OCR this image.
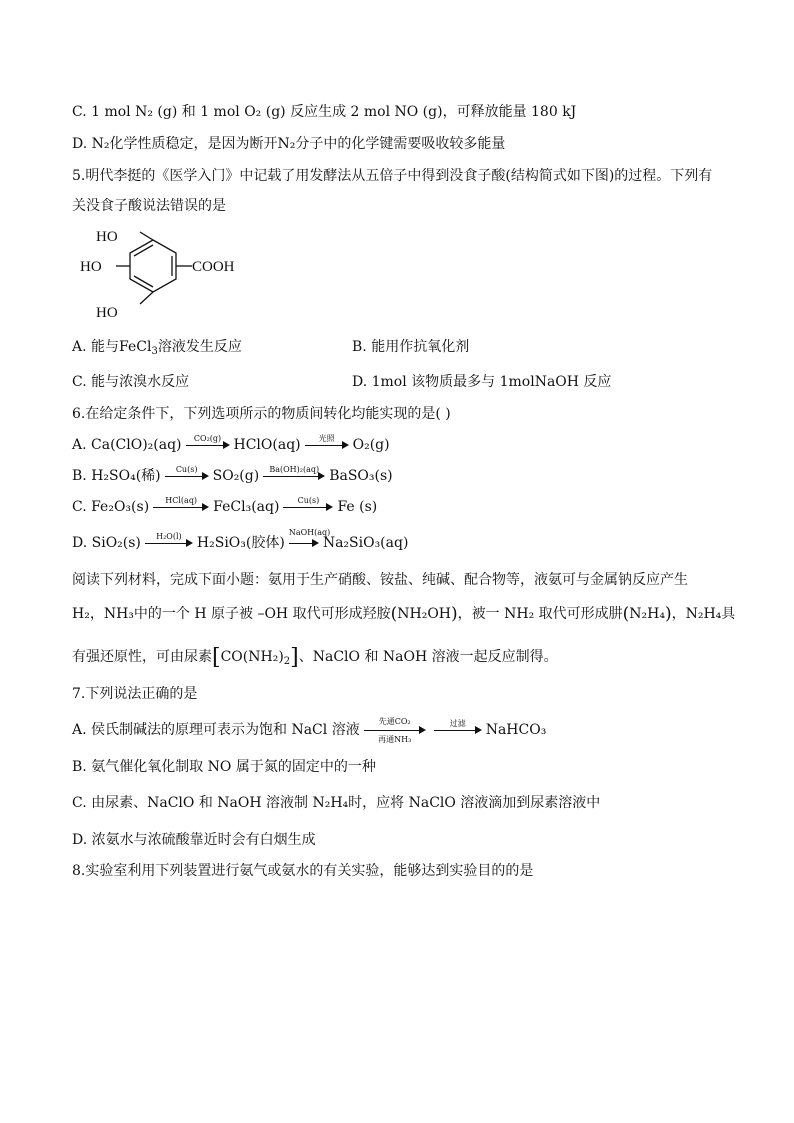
C. 1 mol N₂ (g) 和 1 mol O₂ (g) 反应生成 2 mol NO (g)，可释放能量 180 kJ
D. N₂化学性质稳定，是因为断开N₂分子中的化学键需要吸收较多能量
5.明代李挺的《医学入门》中记载了用发酵法从五倍子中得到没食子酸(结构简式如下图)的过程。下列有
关没食子酸说法错误的是
HO
HO
HO
COOH
A. 能与FeCl$_3$溶液发生反应	B. 能用作抗氧化剂
C. 能与浓溴水反应	D. 1mol 该物质最多与 1molNaOH 反应
6.在给定条件下，下列选项所示的物质间转化均能实现的是( )
A. Ca(ClO)₂(aq)	CO₂(g) HClO(aq)	光照	O₂(g)
B. H₂SO₄(稀)	Cu(s)	SO₂(g)	Ba(OH)₂(aq) BaSO₃(s)
C. Fe₂O₃(s)	HCl(aq)	FeCl₃(aq)	Cu(s)	Fe (s)
D. SiO₂(s)	H₂O(l)	H₂SiO₃(胶体)
NaOH(aq)
Na₂SiO₃(aq)
阅读下列材料，完成下面小题：氨用于生产硝酸、铵盐、纯碱、配合物等，液氨可与金属钠反应产生
H₂，NH₃中的一个 H 原子被 –OH 取代可形成羟胺(NH₂OH)，被一 NH₂ 取代可形成肼(N₂H₄)，N₂H₄具
有强还原性，可由尿素$[CO(NH_2)_2]$、NaClO 和 NaOH 溶液一起反应制得。
7.下列说法正确的是
A. 侯氏制碱法的原理可表示为饱和 NaCl 溶液
先通CO₂
再通NH₃
过滤	NaHCO₃
B. 氨气催化氧化制取 NO 属于氮的固定中的一种
C. 由尿素、NaClO 和 NaOH 溶液制 N₂H₄时，应将 NaClO 溶液滴加到尿素溶液中
D. 浓氨水与浓硫酸靠近时会有白烟生成
8.实验室利用下列装置进行氨气或氨水的有关实验，能够达到实验目的的是
